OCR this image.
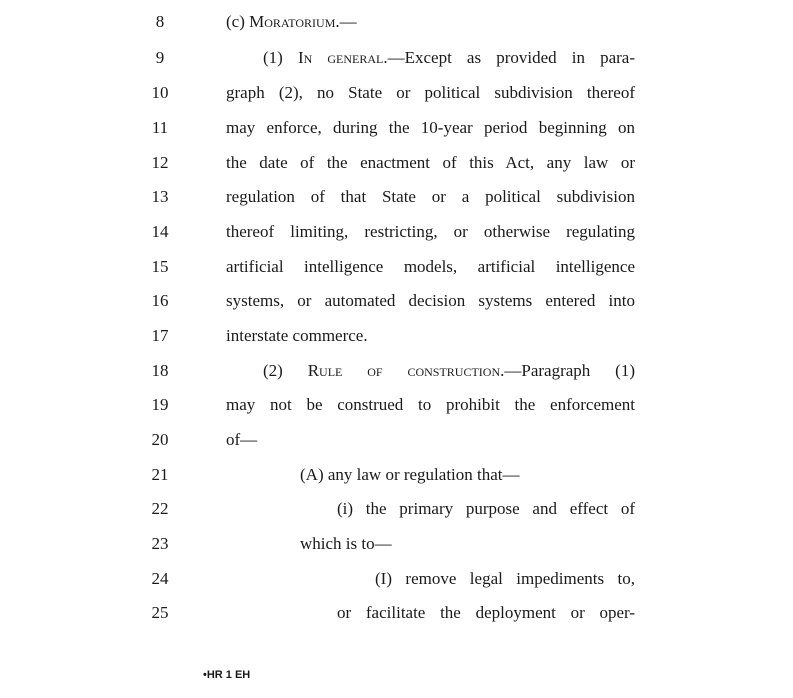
8	(c) Moratorium.—
9	(1) In general.—Except as provided in para-
10	graph (2), no State or political subdivision thereof
11	may enforce, during the 10-year period beginning on
12	the date of the enactment of this Act, any law or
13	regulation of that State or a political subdivision
14	thereof limiting, restricting, or otherwise regulating
15	artificial intelligence models, artificial intelligence
16	systems, or automated decision systems entered into
17	interstate commerce.
18	(2) Rule of construction.—Paragraph (1)
19	may not be construed to prohibit the enforcement
20	of—
21	(A) any law or regulation that—
22	(i) the primary purpose and effect of
23	which is to—
24	(I) remove legal impediments to,
25	or facilitate the deployment or oper-
•HR 1 EH
